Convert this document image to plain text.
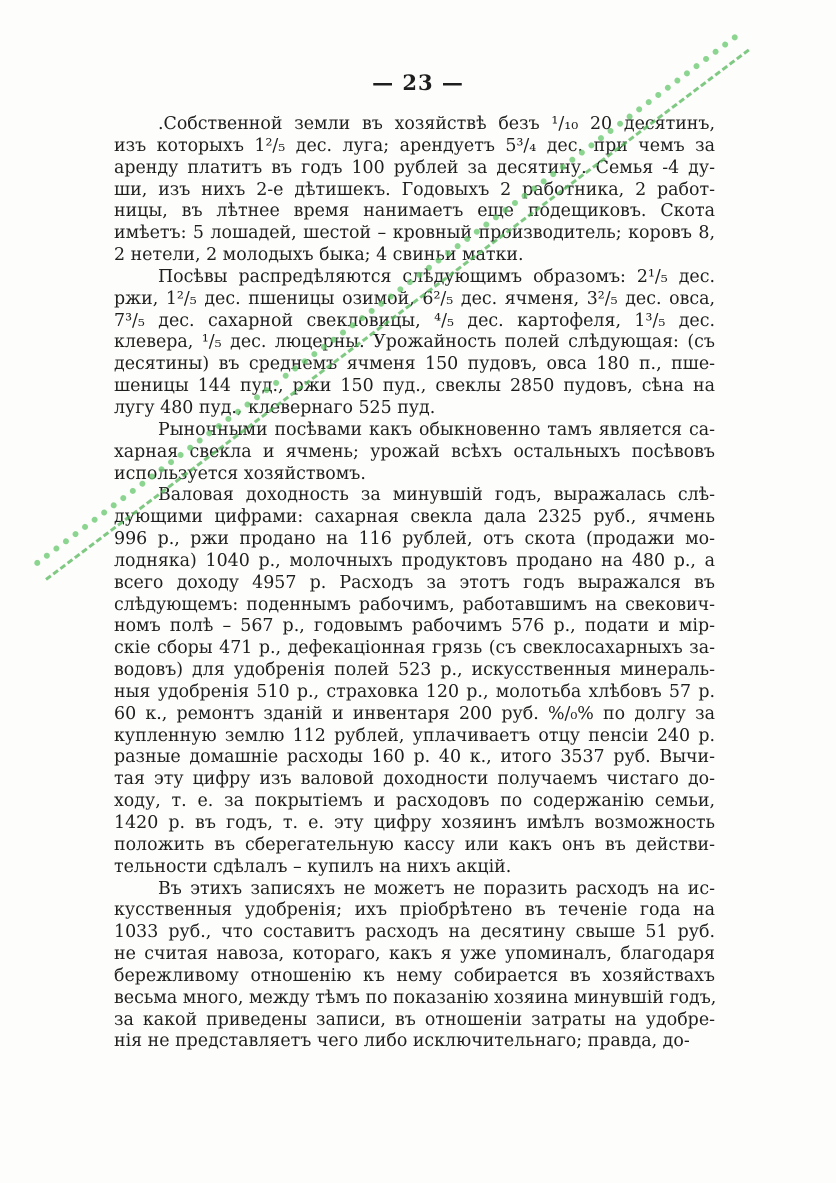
— 23 —
.Собственной земли въ хозяйствѣ безъ ¹/₁₀ 20 десятинъ,
изъ которыхъ 1²/₅ дес. луга; арендуетъ 5³/₄ дес. при чемъ за
аренду платитъ въ годъ 100 рублей за десятину. Семья -4 ду-
ши, изъ нихъ 2-е дѣтишекъ. Годовыхъ 2 работника, 2 работ-
ницы, въ лѣтнее время нанимаетъ еще подещиковъ. Скота
имѣетъ: 5 лошадей, шестой – кровный производитель; коровъ 8,
2 нетели, 2 молодыхъ быка; 4 свиньи матки.
Посѣвы распредѣляются слѣдующимъ образомъ: 2¹/₅ дес.
ржи, 1²/₅ дес. пшеницы озимой, 6²/₅ дес. ячменя, 3²/₅ дес. овса,
7³/₅ дес. сахарной свекловицы, ⁴/₅ дес. картофеля, 1³/₅ дес.
клевера, ¹/₅ дес. люцерны. Урожайность полей слѣдующая: (съ
десятины) въ среднемъ ячменя 150 пудовъ, овса 180 п., пше-
шеницы 144 пуд., ржи 150 пуд., свеклы 2850 пудовъ, сѣна на
лугу 480 пуд., клевернаго 525 пуд.
Рыночными посѣвами какъ обыкновенно тамъ является са-
харная свекла и ячмень; урожай всѣхъ остальныхъ посѣвовъ
используется хозяйствомъ.
Валовая доходность за минувшій годъ, выражалась слѣ-
дующими цифрами: сахарная свекла дала 2325 руб., ячмень
996 р., ржи продано на 116 рублей, отъ скота (продажи мо-
лодняка) 1040 р., молочныхъ продуктовъ продано на 480 р., а
всего доходу 4957 р. Расходъ за этотъ годъ выражался въ
слѣдующемъ: поденнымъ рабочимъ, работавшимъ на свекович-
номъ полѣ – 567 р., годовымъ рабочимъ 576 р., подати и мір-
скіе сборы 471 р., дефекаціонная грязь (съ свеклосахарныхъ за-
водовъ) для удобренія полей 523 р., искусственныя минераль-
ныя удобренія 510 р., страховка 120 р., молотьба хлѣбовъ 57 р.
60 к., ремонтъ зданій и инвентаря 200 руб. %/₀% по долгу за
купленную землю 112 рублей, уплачиваетъ отцу пенсіи 240 р.
разные домашніе расходы 160 р. 40 к., итого 3537 руб. Вычи-
тая эту цифру изъ валовой доходности получаемъ чистаго до-
ходу, т. е. за покрытіемъ и расходовъ по содержанію семьи,
1420 р. въ годъ, т. е. эту цифру хозяинъ имѣлъ возможность
положить въ сберегательную кассу или какъ онъ въ действи-
тельности сдѣлалъ – купилъ на нихъ акцій.
Въ этихъ записяхъ не можетъ не поразить расходъ на ис-
кусственныя удобренія; ихъ пріобрѣтено въ теченіе года на
1033 руб., что составитъ расходъ на десятину свыше 51 руб.
не считая навоза, котораго, какъ я уже упоминалъ, благодаря
бережливому отношенію къ нему собирается въ хозяйствахъ
весьма много, между тѣмъ по показанію хозяина минувшій годъ,
за какой приведены записи, въ отношеніи затраты на удобре-
нія не представляетъ чего либо исключительнаго; правда, до-
